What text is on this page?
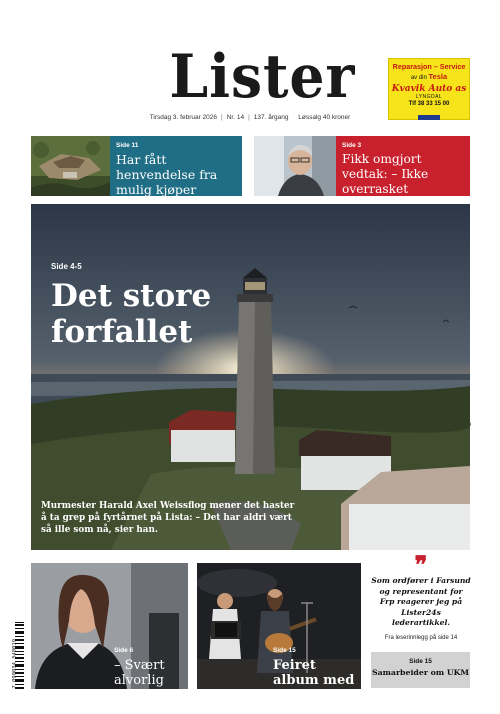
Lister
Tirsdag 3. februar 2026 | Nr. 14 | 137. årgang Løssalg 40 kroner
Reparasjon – Service
av din Tesla
Kvavik Auto as
LYNGDAL
Tlf 38 33 15 00
Side 11
Har fått henvendelse fra mulig kjøper
Side 3
Fikk omgjort vedtak: – Ikke overrasket
Side 4-5
Det store forfallet
Murmester Harald Axel Weissflog mener det haster å ta grep på fyrtårnet på Lista: – Det har aldri vært så ille som nå, sier han.
Side 6
– Svært alvorlig sak
Side 15
Feiret album med konsert
❞
Som ordfører i Farsund og representant for Frp reagerer jeg på Lister24s lederartikkel.
Fra leserinnlegg på side 14
Side 15
Samarbeider om UKM
7 090034 540019
